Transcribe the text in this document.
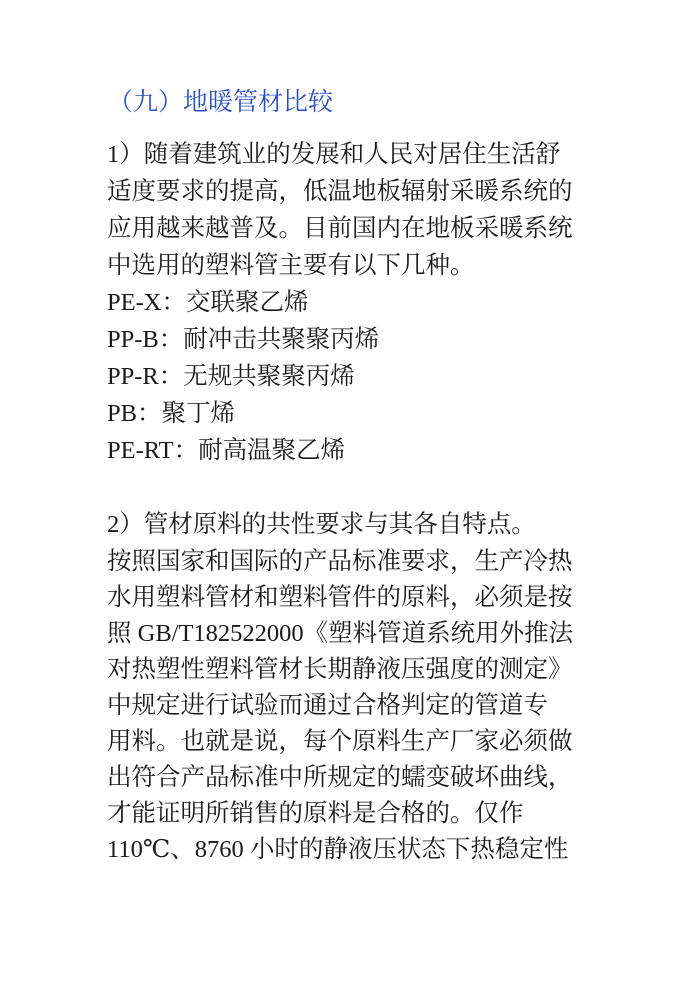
（九）地暖管材比较
1）随着建筑业的发展和人民对居住生活舒
适度要求的提高，低温地板辐射采暖系统的
应用越来越普及。目前国内在地板采暖系统
中选用的塑料管主要有以下几种。
PE-X：交联聚乙烯
PP-B：耐冲击共聚聚丙烯
PP-R：无规共聚聚丙烯
PB：聚丁烯
PE-RT：耐高温聚乙烯
2）管材原料的共性要求与其各自特点。
按照国家和国际的产品标准要求，生产冷热
水用塑料管材和塑料管件的原料，必须是按
照 GB/T182522000《塑料管道系统用外推法
对热塑性塑料管材长期静液压强度的测定》
中规定进行试验而通过合格判定的管道专
用料。也就是说，每个原料生产厂家必须做
出符合产品标准中所规定的蠕变破坏曲线，
才能证明所销售的原料是合格的。仅作
110℃、8760 小时的静液压状态下热稳定性
